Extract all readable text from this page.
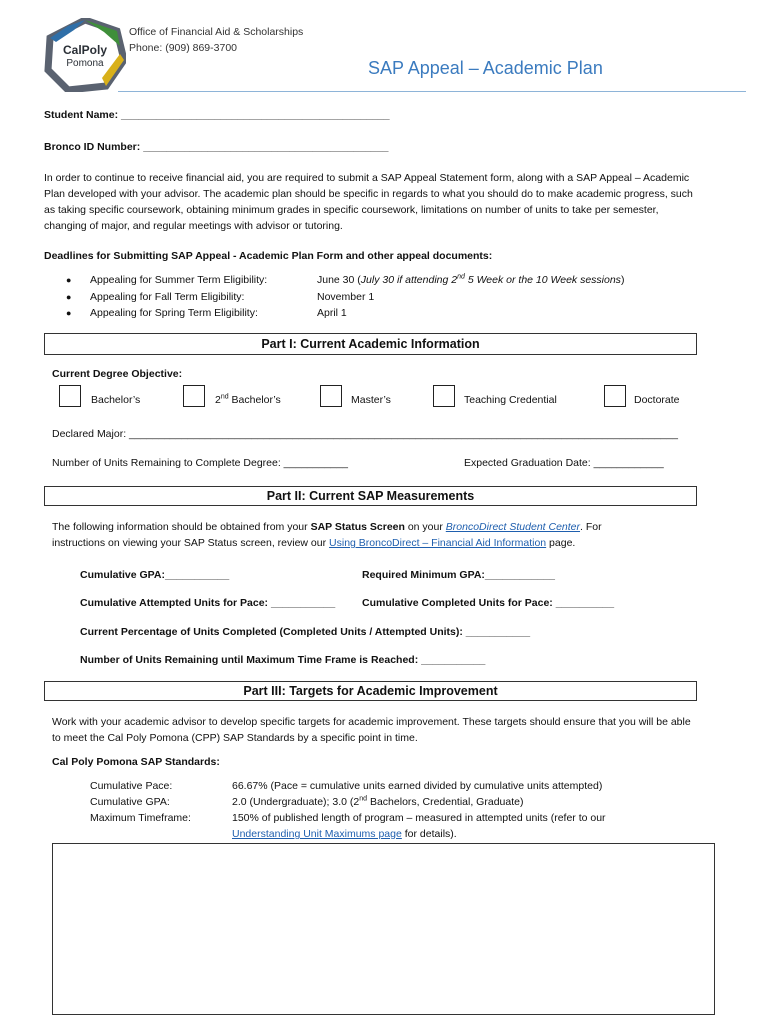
CalPoly
Pomona
Office of Financial Aid & Scholarships
Phone: (909) 869-3700
SAP Appeal – Academic Plan
Student Name: ______________________________________________
Bronco ID Number: __________________________________________

In order to continue to receive financial aid, you are required to submit a SAP Appeal Statement form, along with a SAP Appeal – Academic Plan developed with your advisor. The academic plan should be specific in regards to what you should do to make academic progress, such as taking specific coursework, obtaining minimum grades in specific coursework, limitations on number of units to take per semester, changing of major, and regular meetings with advisor or tutoring.

Deadlines for Submitting SAP Appeal - Academic Plan Form and other appeal documents:
● Appealing for Summer Term Eligibility:	June 30 (July 30 if attending 2nd 5 Week or the 10 Week sessions)
● Appealing for Fall Term Eligibility:	November 1
● Appealing for Spring Term Eligibility:	April 1
Part I: Current Academic Information
Current Degree Objective:
Bachelor’s	2nd Bachelor’s	Master’s	Teaching Credential	Doctorate
Declared Major: ______________________________________________________________________________________________
Number of Units Remaining to Complete Degree: ___________	Expected Graduation Date: ____________
Part II: Current SAP Measurements
The following information should be obtained from your SAP Status Screen on your BroncoDirect Student Center. For
instructions on viewing your SAP Status screen, review our Using BroncoDirect – Financial Aid Information page.
Cumulative GPA:___________	Required Minimum GPA:____________
Cumulative Attempted Units for Pace: ___________	Cumulative Completed Units for Pace: __________
Current Percentage of Units Completed (Completed Units / Attempted Units): ___________
Number of Units Remaining until Maximum Time Frame is Reached: ___________
Part III: Targets for Academic Improvement

Work with your academic advisor to develop specific targets for academic improvement. These targets should ensure that you will be able to meet the Cal Poly Pomona (CPP) SAP Standards by a specific point in time.

Cal Poly Pomona SAP Standards:
Cumulative Pace:	66.67% (Pace = cumulative units earned divided by cumulative units attempted)
Cumulative GPA:	2.0 (Undergraduate); 3.0 (2nd Bachelors, Credential, Graduate)
Maximum Timeframe:	150% of published length of program – measured in attempted units (refer to our
Understanding Unit Maximums page for details).
